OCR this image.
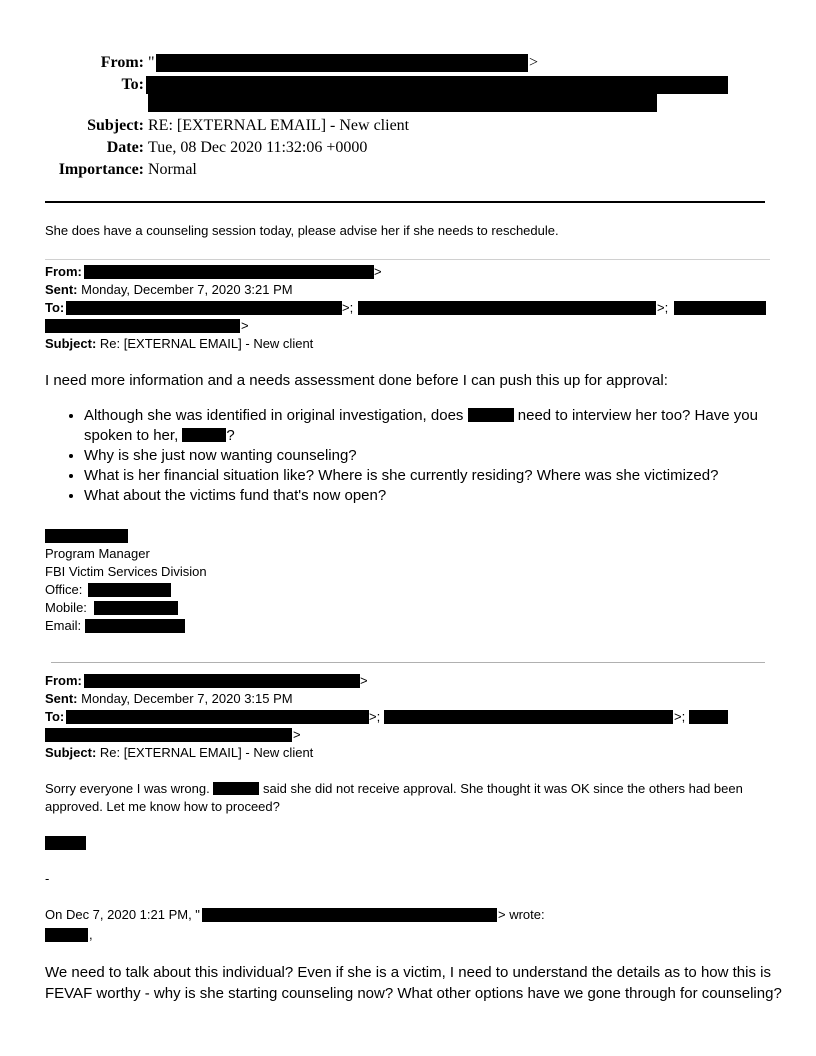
From: "	>
To:
Subject: RE: [EXTERNAL EMAIL] - New client
Date: Tue, 08 Dec 2020 11:32:06 +0000
Importance: Normal
She does have a counseling session today, please advise her if she needs to reschedule.
From:	>
Sent: Monday, December 7, 2020 3:21 PM
To:	>;	>;
>
Subject: Re: [EXTERNAL EMAIL] - New client
I need more information and a needs assessment done before I can push this up for approval:
• Although she was identified in original investigation, does	need to interview her too? Have you
spoken to her,	?
• Why is she just now wanting counseling?
• What is her financial situation like? Where is she currently residing? Where was she victimized?
• What about the victims fund that's now open?
Program Manager
FBI Victim Services Division
Office:
Mobile:
Email:
From:	>
Sent: Monday, December 7, 2020 3:15 PM
To:	>;	>;
>
Subject: Re: [EXTERNAL EMAIL] - New client
Sorry everyone I was wrong.	said she did not receive approval. She thought it was OK since the others had been
approved. Let me know how to proceed?
-
On Dec 7, 2020 1:21 PM, "	> wrote:
,
We need to talk about this individual? Even if she is a victim, I need to understand the details as to how this is
FEVAF worthy - why is she starting counseling now? What other options have we gone through for counseling?
